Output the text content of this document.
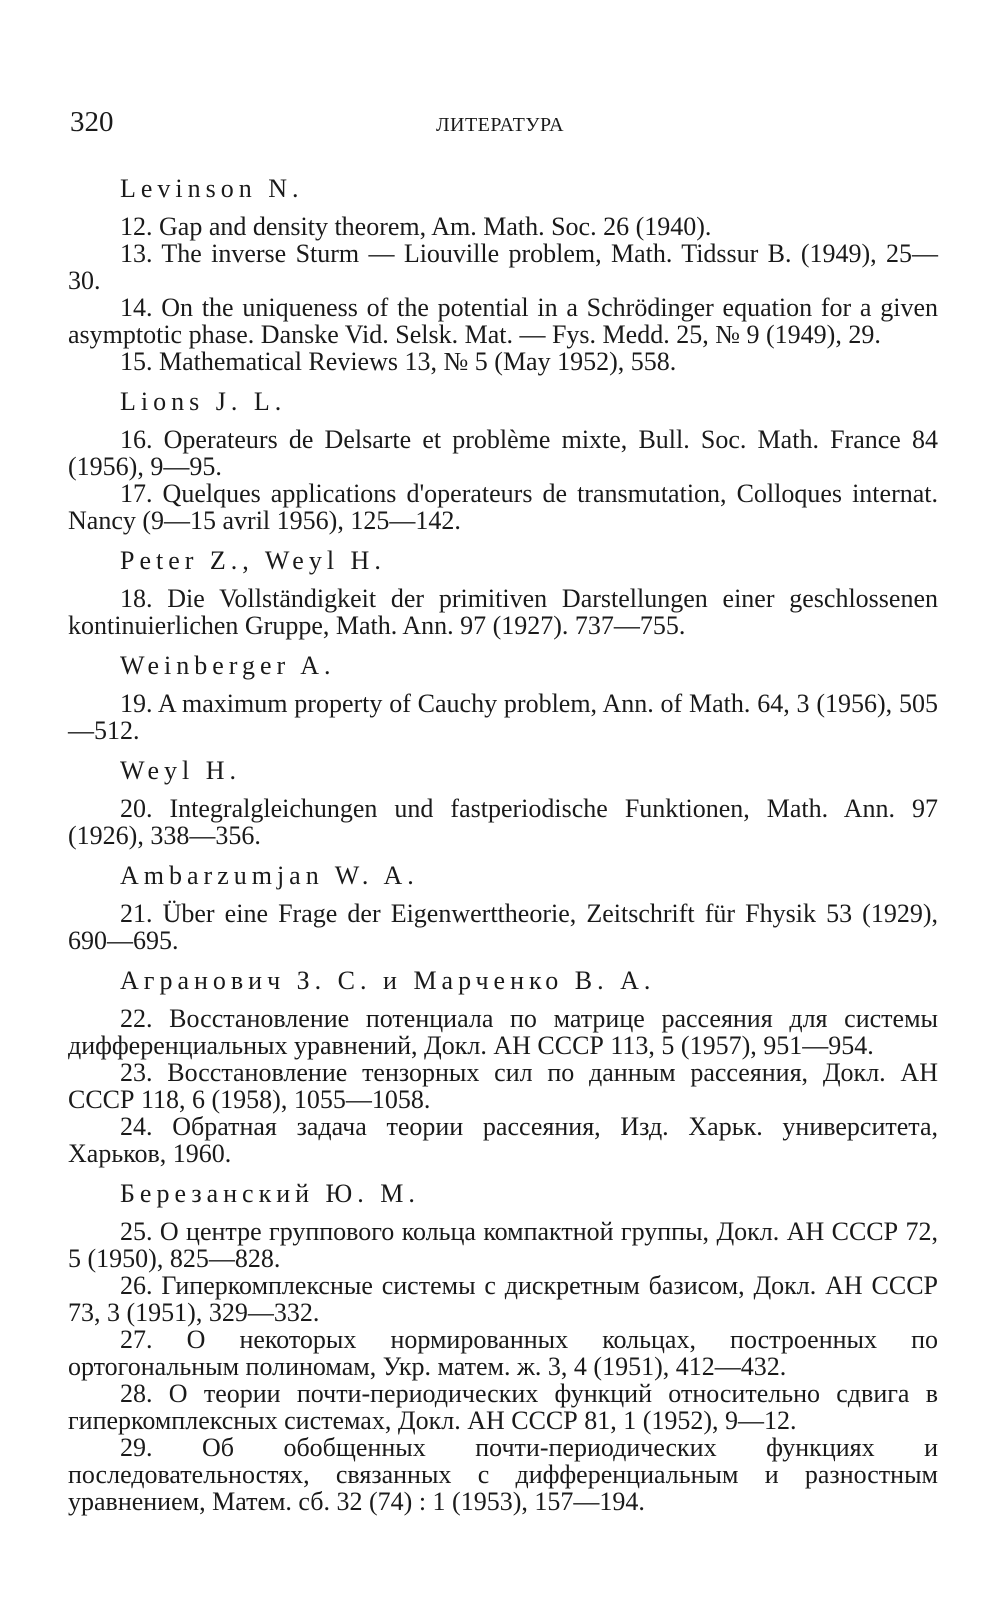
320	ЛИТЕРАТУРА
Levinson N.
12. Gap and density theorem, Am. Math. Soc. 26 (1940).
13. The inverse Sturm — Liouville problem, Math. Tidssur B. (1949), 25—30.
14. On the uniqueness of the potential in a Schrödinger equation for a given asymptotic phase. Danske Vid. Selsk. Mat. — Fys. Medd. 25, № 9 (1949), 29.
15. Mathematical Reviews 13, № 5 (May 1952), 558.
Lions J. L.
16. Operateurs de Delsarte et problème mixte, Bull. Soc. Math. France 84 (1956), 9—95.
17. Quelques applications d'operateurs de transmutation, Colloques internat. Nancy (9—15 avril 1956), 125—142.
Peter Z., Weyl H.
18. Die Vollständigkeit der primitiven Darstellungen einer geschlossenen kontinuierlichen Gruppe, Math. Ann. 97 (1927). 737—755.
Weinberger A.
19. A maximum property of Cauchy problem, Ann. of Math. 64, 3 (1956), 505—512.
Weyl H.
20. Integralgleichungen und fastperiodische Funktionen, Math. Ann. 97 (1926), 338—356.
Ambarzumjan W. A.
21. Über eine Frage der Eigenwerttheorie, Zeitschrift für Fhysik 53 (1929), 690—695.
Агранович З. С. и Марченко В. А.
22. Восстановление потенциала по матрице рассеяния для системы дифференциальных уравнений, Докл. АН СССР 113, 5 (1957), 951—954.
23. Восстановление тензорных сил по данным рассеяния, Докл. АН СССР 118, 6 (1958), 1055—1058.
24. Обратная задача теории рассеяния, Изд. Харьк. университета, Харьков, 1960.
Березанский Ю. М.
25. О центре группового кольца компактной группы, Докл. АН СССР 72, 5 (1950), 825—828.
26. Гиперкомплексные системы с дискретным базисом, Докл. АН СССР 73, 3 (1951), 329—332.
27. О некоторых нормированных кольцах, построенных по ортогональным полиномам, Укр. матем. ж. 3, 4 (1951), 412—432.
28. О теории почти-периодических функций относительно сдвига в гиперкомплексных системах, Докл. АН СССР 81, 1 (1952), 9—12.
29. Об обобщенных почти-периодических функциях и последовательностях, связанных с дифференциальным и разностным уравнением, Матем. сб. 32 (74) : 1 (1953), 157—194.
